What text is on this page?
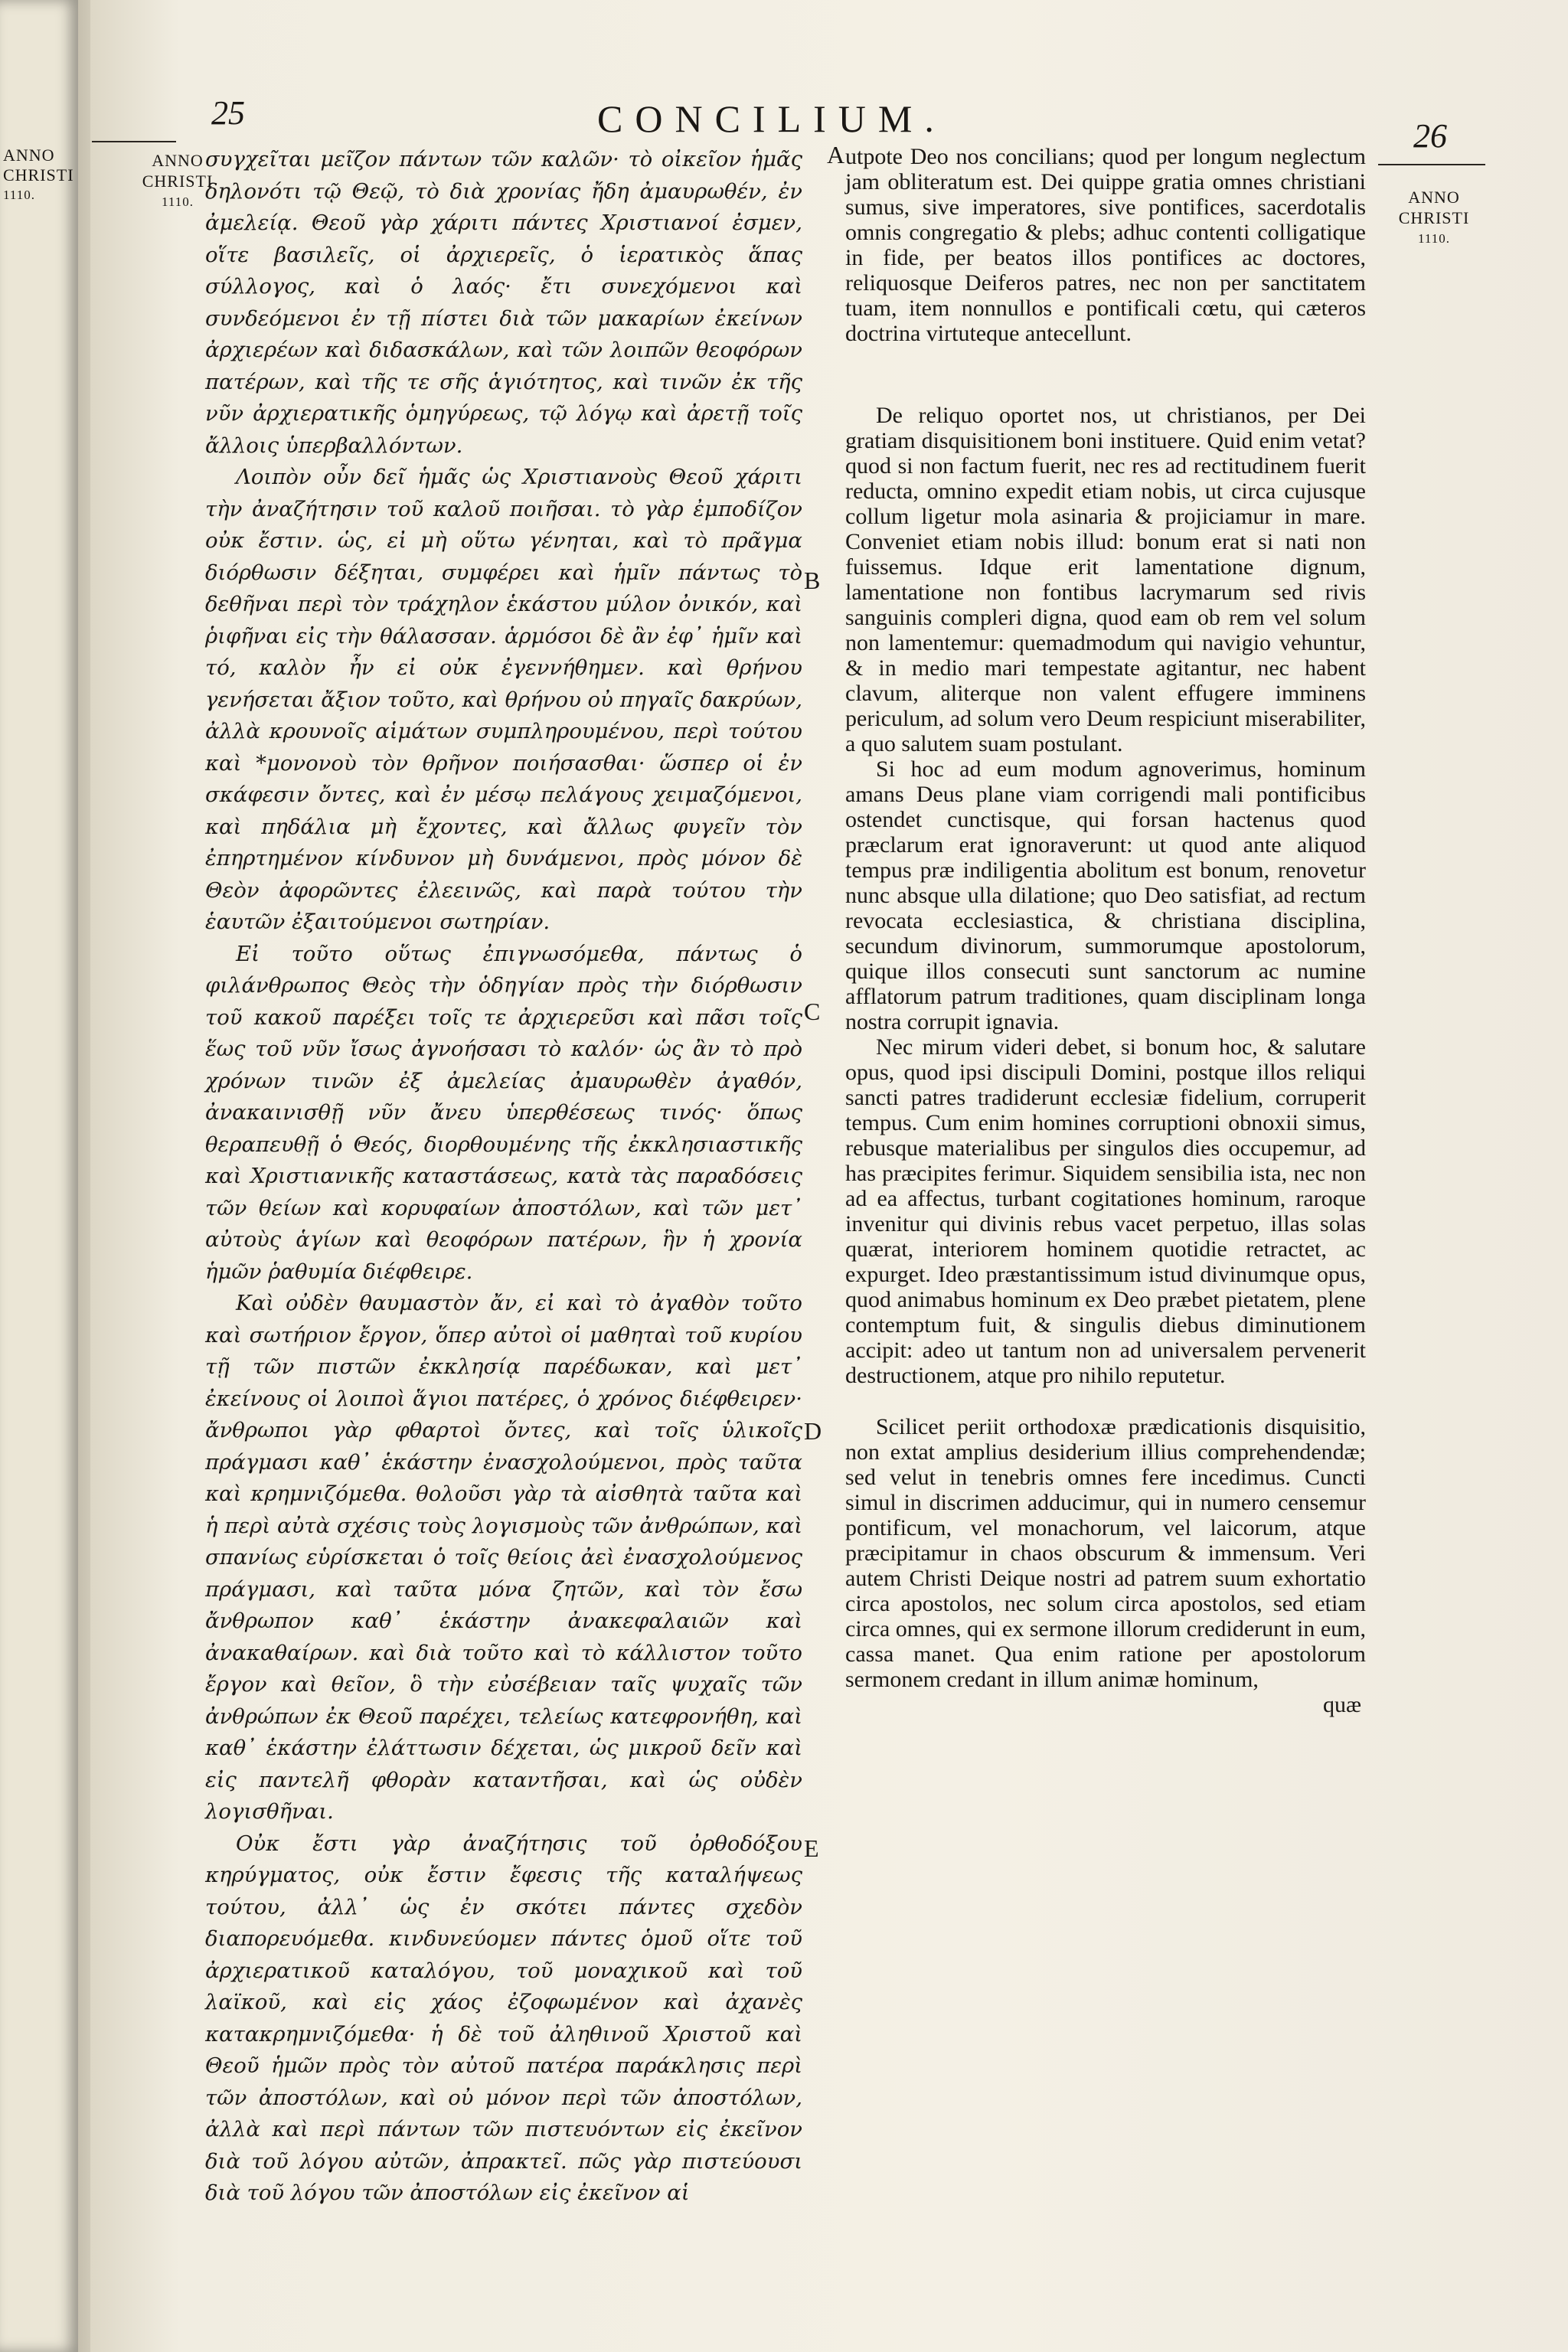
ANNO
CHRISTI
1110.
25	CONCILIUM.	26
ANNO
CHRISTI
1110.	ANNO
CHRISTI
1110.
A
B
C
D
E

συγχεῖται μεῖζον πάντων τῶν καλῶν· τὸ οἰκεῖον ἡμᾶς δηλονότι τῷ Θεῷ, τὸ διὰ χρονίας ἤδη ἀμαυρωθέν, ἐν ἀμελείᾳ. Θεοῦ γὰρ χάριτι πάντες Χριστιανοί ἐσμεν, οἵτε βασιλεῖς, οἱ ἀρχιερεῖς, ὁ ἱερατικὸς ἅπας σύλλογος, καὶ ὁ λαός· ἔτι συνεχόμενοι καὶ συνδεόμενοι ἐν τῇ πίστει διὰ τῶν μακαρίων ἐκείνων ἀρχιερέων καὶ διδασκάλων, καὶ τῶν λοιπῶν θεοφόρων πατέρων, καὶ τῆς τε σῆς ἁγιότητος, καὶ τινῶν ἐκ τῆς νῦν ἀρχιερατικῆς ὁμηγύρεως, τῷ λόγῳ καὶ ἀρετῇ τοῖς ἄλλοις ὑπερβαλλόντων.

Λοιπὸν οὖν δεῖ ἡμᾶς ὡς Χριστιανοὺς Θεοῦ χάριτι τὴν ἀναζήτησιν τοῦ καλοῦ ποιῆσαι. τὸ γὰρ ἐμποδίζον οὐκ ἔστιν. ὡς, εἰ μὴ οὕτω γένηται, καὶ τὸ πρᾶγμα διόρθωσιν δέξηται, συμφέρει καὶ ἡμῖν πάντως τὸ δεθῆναι περὶ τὸν τράχηλον ἑκάστου μύλον ὀνικόν, καὶ ῥιφῆναι εἰς τὴν θάλασσαν. ἁρμόσοι δὲ ἂν ἐφ᾽ ἡμῖν καὶ τό, καλὸν ἦν εἰ οὐκ ἐγεννήθημεν. καὶ θρήνου γενήσεται ἄξιον τοῦτο, καὶ θρήνου οὐ πηγαῖς δακρύων, ἀλλὰ κρουνοῖς αἱμάτων συμπληρουμένου, περὶ τούτου καὶ *μονονοὺ τὸν θρῆνον ποιήσασθαι· ὥσπερ οἱ ἐν σκάφεσιν ὄντες, καὶ ἐν μέσῳ πελάγους χειμαζόμενοι, καὶ πηδάλια μὴ ἔχοντες, καὶ ἄλλως φυγεῖν τὸν ἐπηρτημένον κίνδυνον μὴ δυνάμενοι, πρὸς μόνον δὲ Θεὸν ἀφορῶντες ἐλεεινῶς, καὶ παρὰ τούτου τὴν ἑαυτῶν ἐξαιτούμενοι σωτηρίαν.

Εἰ τοῦτο οὕτως ἐπιγνωσόμεθα, πάντως ὁ φιλάνθρωπος Θεὸς τὴν ὁδηγίαν πρὸς τὴν διόρθωσιν τοῦ κακοῦ παρέξει τοῖς τε ἀρχιερεῦσι καὶ πᾶσι τοῖς ἕως τοῦ νῦν ἴσως ἀγνοήσασι τὸ καλόν· ὡς ἂν τὸ πρὸ χρόνων τινῶν ἐξ ἀμελείας ἀμαυρωθὲν ἀγαθόν, ἀνακαινισθῇ νῦν ἄνευ ὑπερθέσεως τινός· ὅπως θεραπευθῇ ὁ Θεός, διορθουμένης τῆς ἐκκλησιαστικῆς καὶ Χριστιανικῆς καταστάσεως, κατὰ τὰς παραδόσεις τῶν θείων καὶ κορυφαίων ἀποστόλων, καὶ τῶν μετ᾽ αὐτοὺς ἁγίων καὶ θεοφόρων πατέρων, ἣν ἡ χρονία ἡμῶν ῥαθυμία διέφθειρε.

Καὶ οὐδὲν θαυμαστὸν ἄν, εἰ καὶ τὸ ἀγαθὸν τοῦτο καὶ σωτήριον ἔργον, ὅπερ αὐτοὶ οἱ μαθηταὶ τοῦ κυρίου τῇ τῶν πιστῶν ἐκκλησίᾳ παρέδωκαν, καὶ μετ᾽ ἐκείνους οἱ λοιποὶ ἅγιοι πατέρες, ὁ χρόνος διέφθειρεν· ἄνθρωποι γὰρ φθαρτοὶ ὄντες, καὶ τοῖς ὑλικοῖς πράγμασι καθ᾽ ἑκάστην ἐνασχολούμενοι, πρὸς ταῦτα καὶ κρημνιζόμεθα. θολοῦσι γὰρ τὰ αἰσθητὰ ταῦτα καὶ ἡ περὶ αὐτὰ σχέσις τοὺς λογισμοὺς τῶν ἀνθρώπων, καὶ σπανίως εὑρίσκεται ὁ τοῖς θείοις ἀεὶ ἐνασχολούμενος πράγμασι, καὶ ταῦτα μόνα ζητῶν, καὶ τὸν ἔσω ἄνθρωπον καθ᾽ ἑκάστην ἀνακεφαλαιῶν καὶ ἀνακαθαίρων. καὶ διὰ τοῦτο καὶ τὸ κάλλιστον τοῦτο ἔργον καὶ θεῖον, ὃ τὴν εὐσέβειαν ταῖς ψυχαῖς τῶν ἀνθρώπων ἐκ Θεοῦ παρέχει, τελείως κατεφρονήθη, καὶ καθ᾽ ἑκάστην ἐλάττωσιν δέχεται, ὡς μικροῦ δεῖν καὶ εἰς παντελῆ φθορὰν καταντῆσαι, καὶ ὡς οὐδὲν λογισθῆναι.

Οὐκ ἔστι γὰρ ἀναζήτησις τοῦ ὀρθοδόξου κηρύγματος, οὐκ ἔστιν ἔφεσις τῆς καταλήψεως τούτου, ἀλλ᾽ ὡς ἐν σκότει πάντες σχεδὸν διαπορευόμεθα. κινδυνεύομεν πάντες ὁμοῦ οἵτε τοῦ ἀρχιερατικοῦ καταλόγου, τοῦ μοναχικοῦ καὶ τοῦ λαϊκοῦ, καὶ εἰς χάος ἐζοφωμένον καὶ ἀχανὲς κατακρημνιζόμεθα· ἡ δὲ τοῦ ἀληθινοῦ Χριστοῦ καὶ Θεοῦ ἡμῶν πρὸς τὸν αὐτοῦ πατέρα παράκλησις περὶ τῶν ἀποστόλων, καὶ οὐ μόνον περὶ τῶν ἀποστόλων, ἀλλὰ καὶ περὶ πάντων τῶν πιστευόντων εἰς ἐκεῖνον διὰ τοῦ λόγου αὐτῶν, ἀπρακτεῖ. πῶς γὰρ πιστεύουσι διὰ τοῦ λόγου τῶν ἀποστόλων εἰς ἐκεῖνον αἱ

utpote Deo nos concilians; quod per longum neglectum jam obliteratum est. Dei quippe gratia omnes christiani sumus, sive imperatores, sive pontifices, sacerdotalis omnis congregatio & plebs; adhuc contenti colligatique in fide, per beatos illos pontifices ac doctores, reliquosque Deiferos patres, nec non per sanctitatem tuam, item nonnullos e pontificali cœtu, qui cæteros doctrina virtuteque antecellunt.

De reliquo oportet nos, ut christianos, per Dei gratiam disquisitionem boni instituere. Quid enim vetat? quod si non factum fuerit, nec res ad rectitudinem fuerit reducta, omnino expedit etiam nobis, ut circa cujusque collum ligetur mola asinaria & projiciamur in mare. Conveniet etiam nobis illud: bonum erat si nati non fuissemus. Idque erit lamentatione dignum, lamentatione non fontibus lacrymarum sed rivis sanguinis compleri digna, quod eam ob rem vel solum non lamentemur: quemadmodum qui navigio vehuntur, & in medio mari tempestate agitantur, nec habent clavum, aliterque non valent effugere imminens periculum, ad solum vero Deum respiciunt miserabiliter, a quo salutem suam postulant.

Si hoc ad eum modum agnoverimus, hominum amans Deus plane viam corrigendi mali pontificibus ostendet cunctisque, qui forsan hactenus quod præclarum erat ignoraverunt: ut quod ante aliquod tempus præ indiligentia abolitum est bonum, renovetur nunc absque ulla dilatione; quo Deo satisfiat, ad rectum revocata ecclesiastica, & christiana disciplina, secundum divinorum, summorumque apostolorum, quique illos consecuti sunt sanctorum ac numine afflatorum patrum traditiones, quam disciplinam longa nostra corrupit ignavia.

Nec mirum videri debet, si bonum hoc, & salutare opus, quod ipsi discipuli Domini, postque illos reliqui sancti patres tradiderunt ecclesiæ fidelium, corruperit tempus. Cum enim homines corruptioni obnoxii simus, rebusque materialibus per singulos dies occupemur, ad has præcipites ferimur. Siquidem sensibilia ista, nec non ad ea affectus, turbant cogitationes hominum, raroque invenitur qui divinis rebus vacet perpetuo, illas solas quærat, interiorem hominem quotidie retractet, ac expurget. Ideo præstantissimum istud divinumque opus, quod animabus hominum ex Deo præbet pietatem, plene contemptum fuit, & singulis diebus diminutionem accipit: adeo ut tantum non ad universalem pervenerit destructionem, atque pro nihilo reputetur.

Scilicet periit orthodoxæ prædicationis disquisitio, non extat amplius desiderium illius comprehendendæ; sed velut in tenebris omnes fere incedimus. Cuncti simul in discrimen adducimur, qui in numero censemur pontificum, vel monachorum, vel laicorum, atque præcipitamur in chaos obscurum & immensum. Veri autem Christi Deique nostri ad patrem suum exhortatio circa apostolos, nec solum circa apostolos, sed etiam circa omnes, qui ex sermone illorum crediderunt in eum, cassa manet. Qua enim ratione per apostolorum sermonem credant in illum animæ hominum,

quæ
